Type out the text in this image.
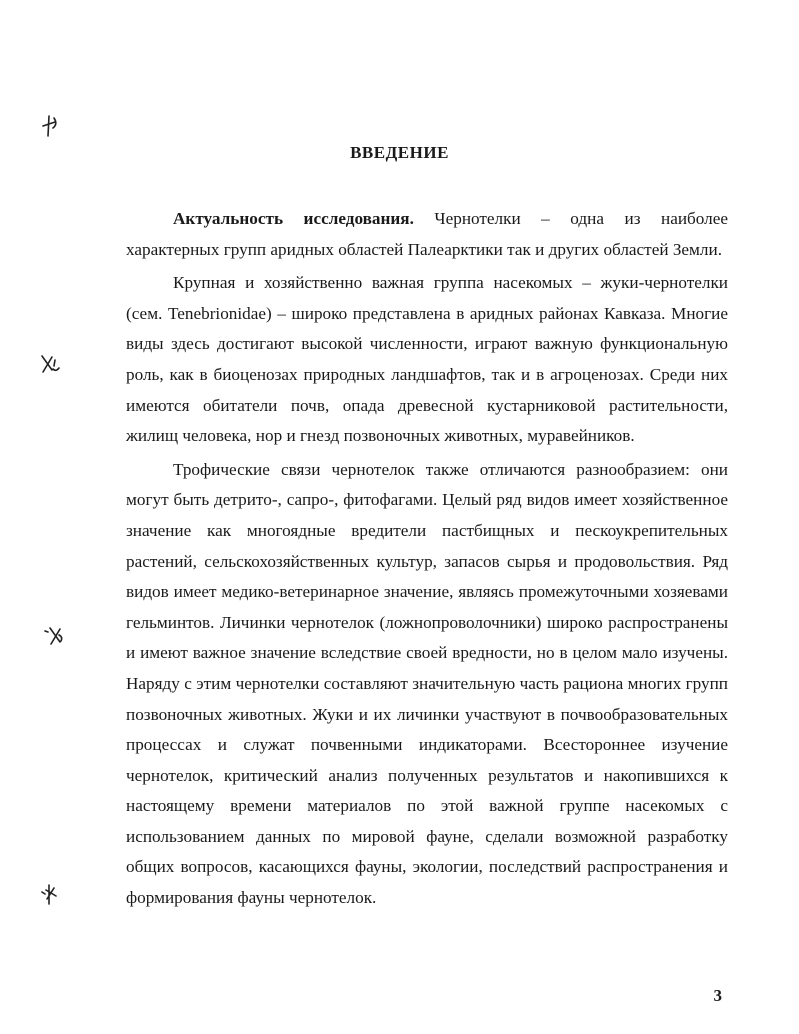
ВВЕДЕНИЕ

Актуальность исследования. Чернотелки – одна из наиболее характерных групп аридных областей Палеарктики так и других областей Земли.

Крупная и хозяйственно важная группа насекомых – жуки-чернотелки (сем. Tenebrionidae) – широко представлена в аридных районах Кавказа. Многие виды здесь достигают высокой численности, играют важную функциональную роль, как в биоценозах природных ландшафтов, так и в агроценозах. Среди них имеются обитатели почв, опада древесной кустарниковой растительности, жилищ человека, нор и гнезд позвоночных животных, муравейников.

Трофические связи чернотелок также отличаются разнообразием: они могут быть детрито-, сапро-, фитофагами. Целый ряд видов имеет хозяйственное значение как многоядные вредители пастбищных и пескоукрепительных растений, сельскохозяйственных культур, запасов сырья и продовольствия. Ряд видов имеет медико-ветеринарное значение, являясь промежуточными хозяевами гельминтов. Личинки чернотелок (ложнопроволочники) широко распространены и имеют важное значение вследствие своей вредности, но в целом мало изучены. Наряду с этим чернотелки составляют значительную часть рациона многих групп позвоночных животных. Жуки и их личинки участвуют в почвообразовательных процессах и служат почвенными индикаторами. Всестороннее изучение чернотелок, критический анализ полученных результатов и накопившихся к настоящему времени материалов по этой важной группе насекомых с использованием данных по мировой фауне, сделали возможной разработку общих вопросов, касающихся фауны, экологии, последствий распространения и формирования фауны чернотелок.

3
